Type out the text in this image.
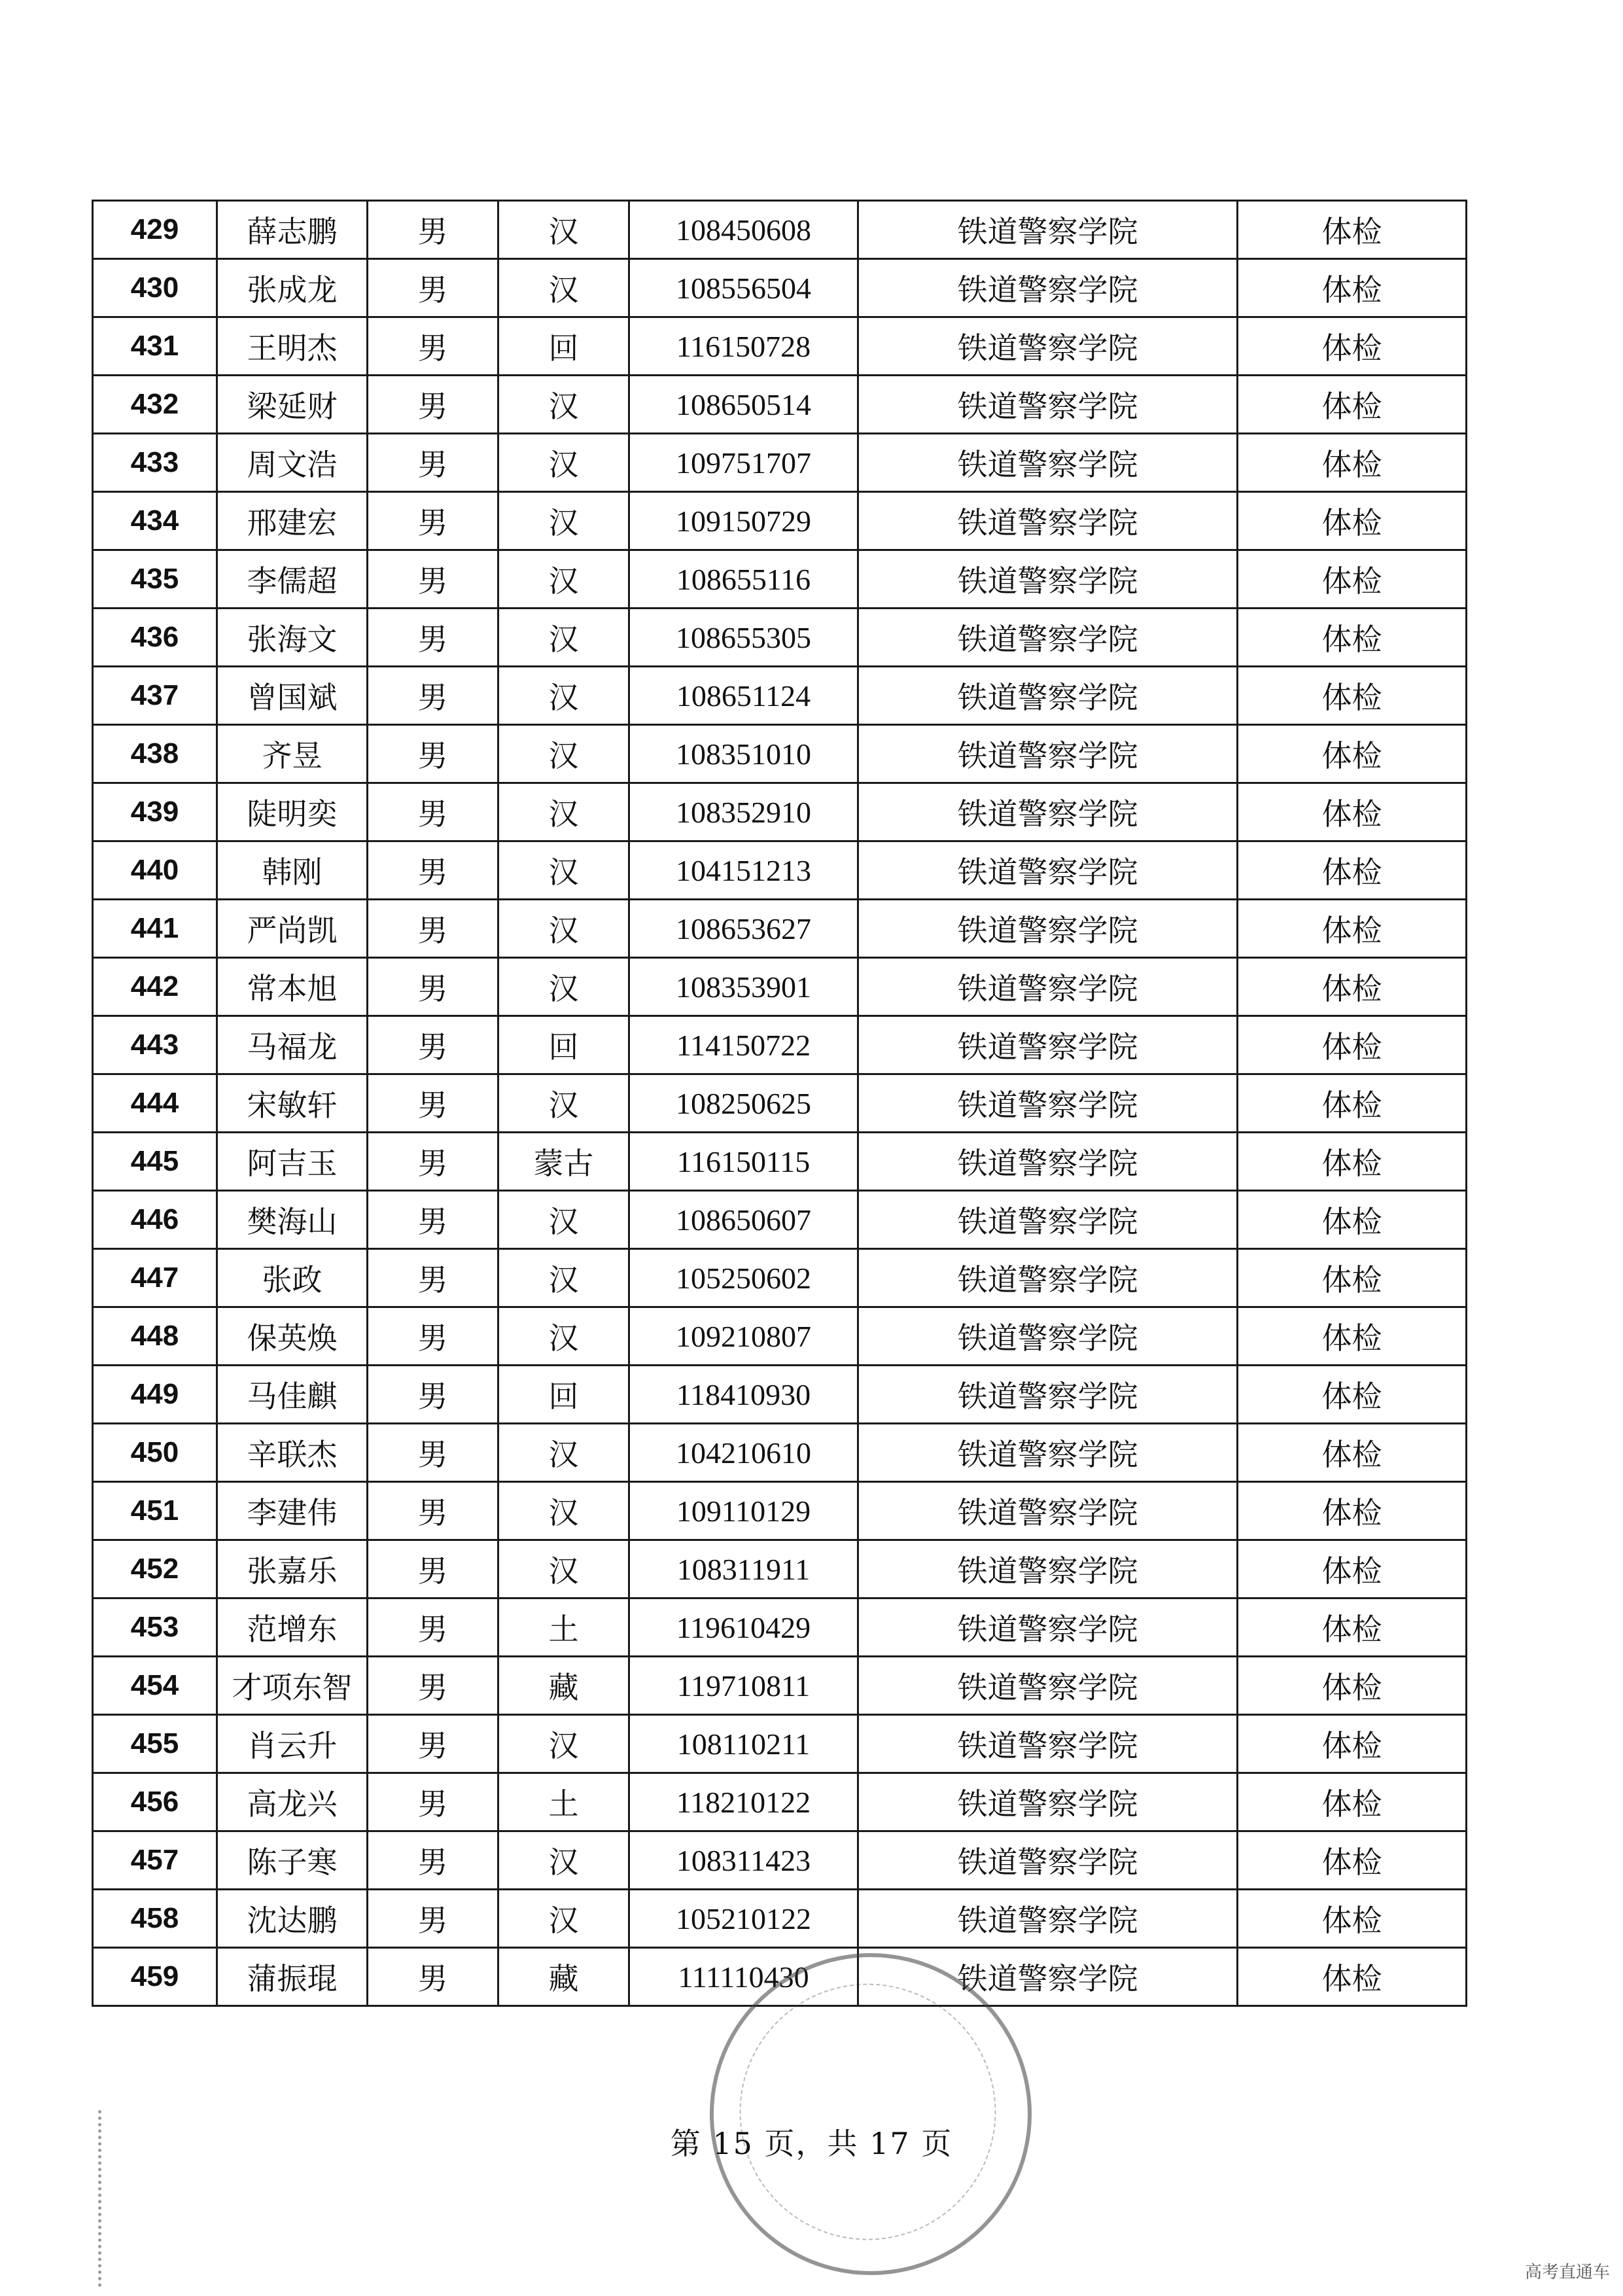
429	薛志鹏	男	汉	108450608	铁道警察学院	体检
430	张成龙	男	汉	108556504	铁道警察学院	体检
431	王明杰	男	回	116150728	铁道警察学院	体检
432	梁延财	男	汉	108650514	铁道警察学院	体检
433	周文浩	男	汉	109751707	铁道警察学院	体检
434	邢建宏	男	汉	109150729	铁道警察学院	体检
435	李儒超	男	汉	108655116	铁道警察学院	体检
436	张海文	男	汉	108655305	铁道警察学院	体检
437	曾国斌	男	汉	108651124	铁道警察学院	体检
438	齐昱	男	汉	108351010	铁道警察学院	体检
439	陡明奕	男	汉	108352910	铁道警察学院	体检
440	韩刚	男	汉	104151213	铁道警察学院	体检
441	严尚凯	男	汉	108653627	铁道警察学院	体检
442	常本旭	男	汉	108353901	铁道警察学院	体检
443	马福龙	男	回	114150722	铁道警察学院	体检
444	宋敏轩	男	汉	108250625	铁道警察学院	体检
445	阿吉玉	男	蒙古	116150115	铁道警察学院	体检
446	樊海山	男	汉	108650607	铁道警察学院	体检
447	张政	男	汉	105250602	铁道警察学院	体检
448	保英焕	男	汉	109210807	铁道警察学院	体检
449	马佳麒	男	回	118410930	铁道警察学院	体检
450	辛联杰	男	汉	104210610	铁道警察学院	体检
451	李建伟	男	汉	109110129	铁道警察学院	体检
452	张嘉乐	男	汉	108311911	铁道警察学院	体检
453	范增东	男	土	119610429	铁道警察学院	体检
454	才项东智	男	藏	119710811	铁道警察学院	体检
455	肖云升	男	汉	108110211	铁道警察学院	体检
456	高龙兴	男	土	118210122	铁道警察学院	体检
457	陈子寒	男	汉	108311423	铁道警察学院	体检
458	沈达鹏	男	汉	105210122	铁道警察学院	体检
459	蒲振琨	男	藏	111110430	铁道警察学院	体检
第 15 页，共 17 页
高考直通车
